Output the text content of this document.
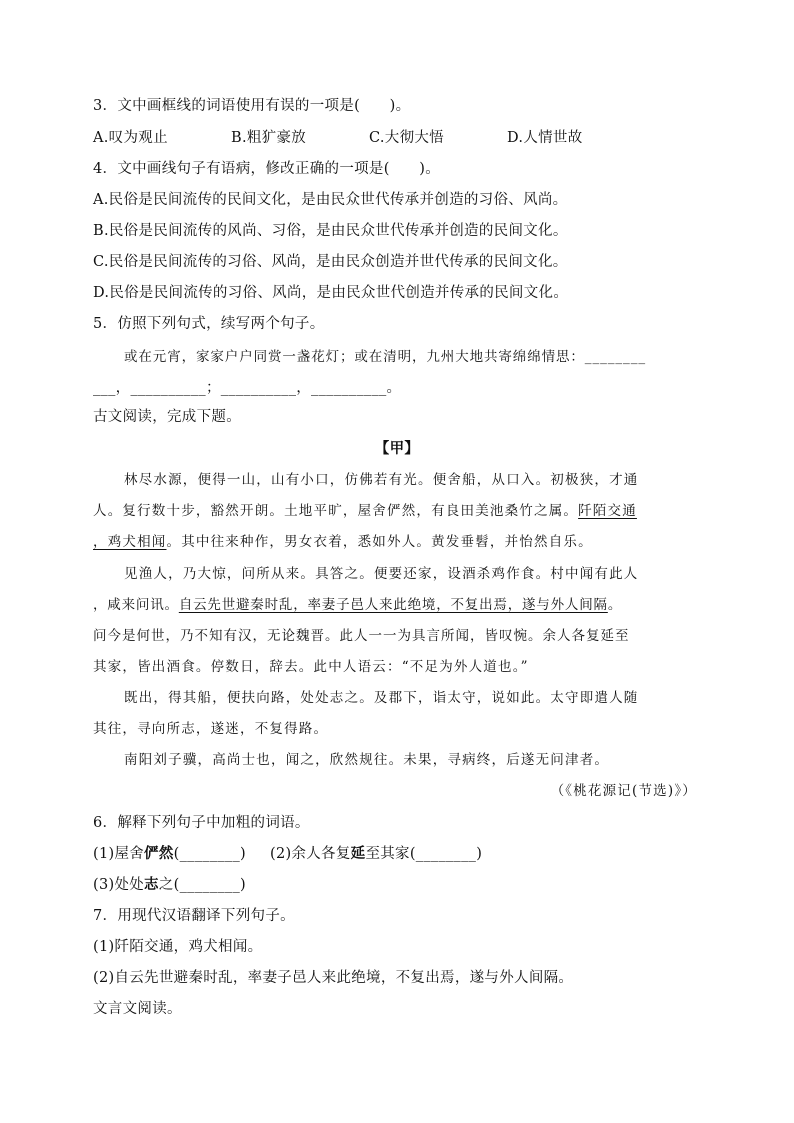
3．文中画框线的词语使用有误的一项是(　　)。
A.叹为观止	B.粗犷豪放	C.大彻大悟	D.人情世故
4．文中画线句子有语病，修改正确的一项是(　　)。
A.民俗是民间流传的民间文化，是由民众世代传承并创造的习俗、风尚。
B.民俗是民间流传的风尚、习俗，是由民众世代传承并创造的民间文化。
C.民俗是民间流传的习俗、风尚，是由民众创造并世代传承的民间文化。
D.民俗是民间流传的习俗、风尚，是由民众世代创造并传承的民间文化。
5．仿照下列句式，续写两个句子。
或在元宵，家家户户同赏一盏花灯；或在清明，九州大地共寄绵绵情思：________
___，__________；__________，__________。
古文阅读，完成下题。
【甲】
林尽水源，便得一山，山有小口，仿佛若有光。便舍船，从口入。初极狭，才通
人。复行数十步，豁然开朗。土地平旷，屋舍俨然，有良田美池桑竹之属。阡陌交通
，鸡犬相闻。其中往来种作，男女衣着，悉如外人。黄发垂髫，并怡然自乐。
见渔人，乃大惊，问所从来。具答之。便要还家，设酒杀鸡作食。村中闻有此人
，咸来问讯。自云先世避秦时乱，率妻子邑人来此绝境，不复出焉，遂与外人间隔。
问今是何世，乃不知有汉，无论魏晋。此人一一为具言所闻，皆叹惋。余人各复延至
其家，皆出酒食。停数日，辞去。此中人语云：“不足为外人道也。”
既出，得其船，便扶向路，处处志之。及郡下，诣太守，说如此。太守即遣人随
其往，寻向所志，遂迷，不复得路。
南阳刘子骥，高尚士也，闻之，欣然规往。未果，寻病终，后遂无问津者。
（《桃花源记(节选)》）
6．解释下列句子中加粗的词语。
(1)屋舍俨然(________) (2)余人各复延至其家(________)
(3)处处志之(________)
7．用现代汉语翻译下列句子。
(1)阡陌交通，鸡犬相闻。
(2)自云先世避秦时乱，率妻子邑人来此绝境，不复出焉，遂与外人间隔。
文言文阅读。
